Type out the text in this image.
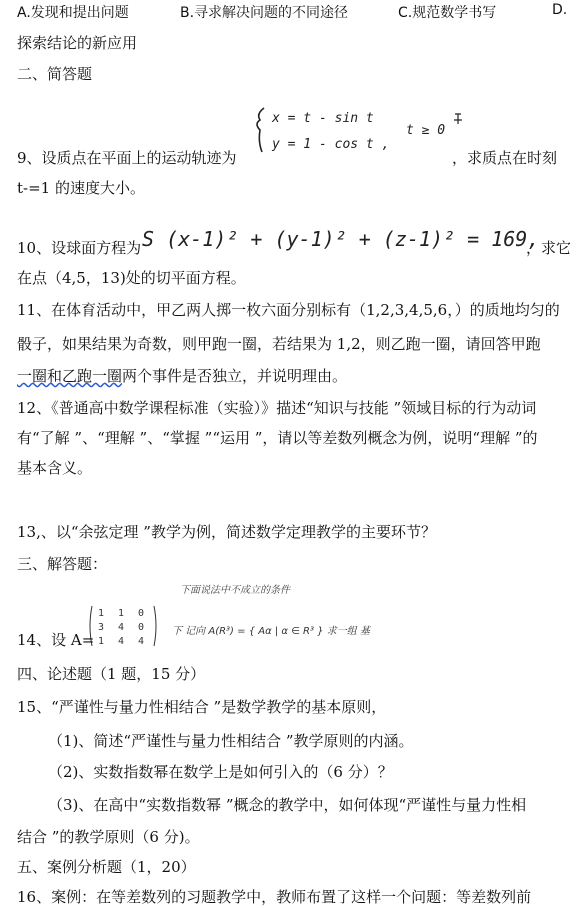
A.发现和提出问题	B.寻求解决问题的不同途径	C.规范数学书写	D.
探索结论的新应用
二、简答题
x = t - sin t
y = 1 - cos t ,
t ≥ 0
9、设质点在平面上的运动轨迹为	，求质点在时刻
t-=1 的速度大小。
S (x-1)² + (y-1)² + (z-1)² = 169,
10、设球面方程为	，求它
在点（4,5，13)处的切平面方程。
11、在体育活动中，甲乙两人掷一枚六面分别标有（1,2,3,4,5,6，）的质地均匀的
骰子，如果结果为奇数，则甲跑一圈，若结果为 1,2，则乙跑一圈，请回答甲跑
一圈和乙跑一圈两个事件是否独立，并说明理由。
12、《普通高中数学课程标准（实验）》描述“知识与技能 ”领域目标的行为动词
有“了解 ”、“理解 ”、“掌握 ”“运用 ”，请以等差数列概念为例，说明“理解 ”的
基本含义。
13,、以“余弦定理 ”教学为例，简述数学定理教学的主要环节？
三、解答题：
下面说法中不成立的条件
1 1 0
3 4 0
1 4 4
下 记向 A(R³) = { Aα | α ∈ R³ } 求一组 基
14、设 A=
四、论述题（1 题，15 分）
15、“严谨性与量力性相结合 ”是数学教学的基本原则，
（1)、简述“严谨性与量力性相结合 ”教学原则的内涵。
（2)、实数指数幂在数学上是如何引入的（6 分）？
（3)、在高中“实数指数幂 ”概念的教学中，如何体现“严谨性与量力性相
结合 ”的教学原则（6 分)。
五、案例分析题（1，20）
16、案例：在等差数列的习题教学中，教师布置了这样一个问题：等差数列前
